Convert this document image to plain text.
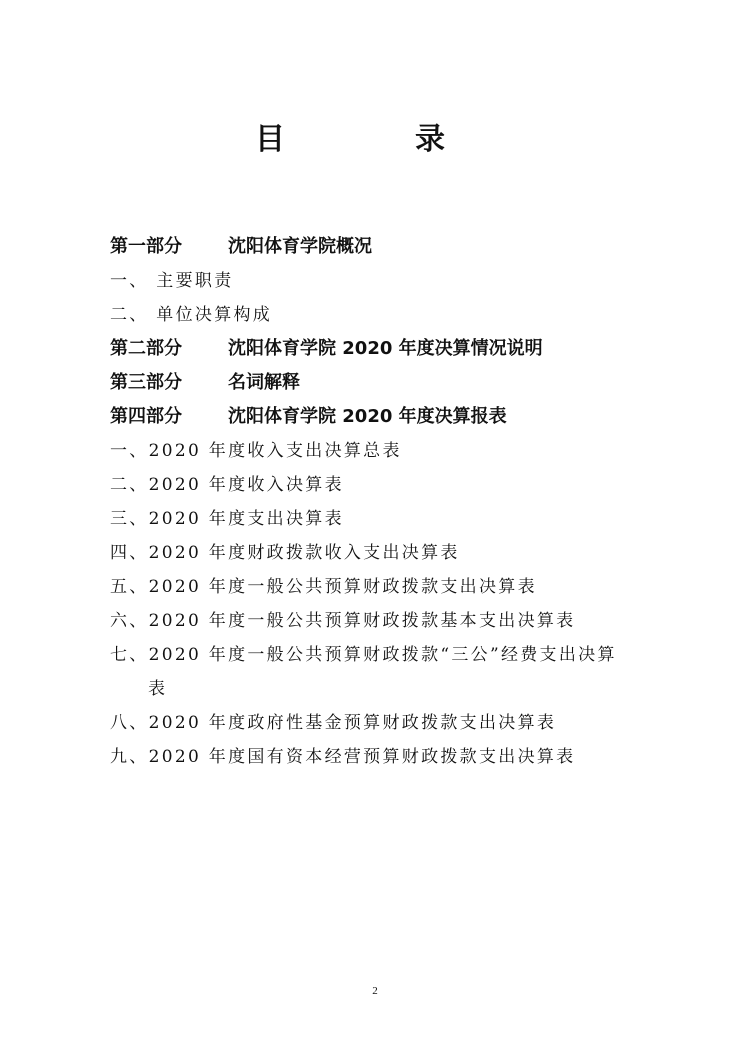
目　录
第一部分	沈阳体育学院概况
一、 主要职责
二、 单位决算构成
第二部分	沈阳体育学院 2020 年度决算情况说明
第三部分	名词解释
第四部分	沈阳体育学院 2020 年度决算报表
一、2020 年度收入支出决算总表
二、2020 年度收入决算表
三、2020 年度支出决算表
四、2020 年度财政拨款收入支出决算表
五、2020 年度一般公共预算财政拨款支出决算表
六、2020 年度一般公共预算财政拨款基本支出决算表
七、2020 年度一般公共预算财政拨款“三公”经费支出决算
表
八、2020 年度政府性基金预算财政拨款支出决算表
九、2020 年度国有资本经营预算财政拨款支出决算表
2
